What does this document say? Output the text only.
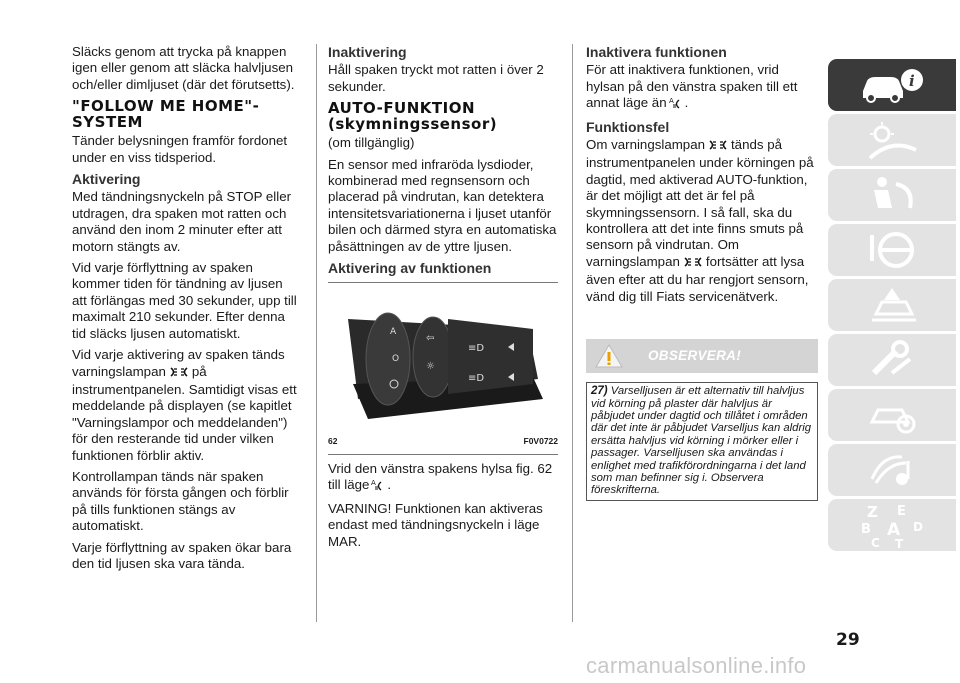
Släcks genom att trycka på knappen igen eller genom att släcka halvljusen och/eller dimljuset (där det förutsetts).

"FOLLOW ME HOME"-SYSTEM

Tänder belysningen framför fordonet under en viss tidsperiod.

Aktivering

Med tändningsnyckeln på STOP eller utdragen, dra spaken mot ratten och använd den inom 2 minuter efter att motorn stängts av.

Vid varje förflyttning av spaken kommer tiden för tändning av ljusen att förlängas med 30 sekunder, upp till maximalt 210 sekunder. Efter denna tid släcks ljusen automatiskt.

Vid varje aktivering av spaken tänds varningslampan på instrumentpanelen. Samtidigt visas ett meddelande på displayen (se kapitlet "Varningslampor och meddelanden") för den resterande tid under vilken funktionen förblir aktiv.

Kontrollampan tänds när spaken används för första gången och förblir på tills funktionen stängs av automatiskt.

Varje förflyttning av spaken ökar bara den tid ljusen ska vara tända.

Inaktivering

Håll spaken tryckt mot ratten i över 2 sekunder.

AUTO-FUNKTION
(skymningssensor)

(om tillgänglig)

En sensor med infraröda lysdioder, kombinerad med regnsensorn och placerad på vindrutan, kan detektera intensitetsvariationerna i ljuset utanför bilen och därmed styra en automatiska påsättningen av de yttre ljusen.

Aktivering av funktionen
A
O
⇦
☼
≡D
≡D
62	F0V0722

Vrid den vänstra spakens hylsa fig. 62 till läge A .

VARNING! Funktionen kan aktiveras endast med tändningsnyckeln i läge MAR.

Inaktivera funktionen

För att inaktivera funktionen, vrid hylsan på den vänstra spaken till ett annat läge än A .

Funktionsfel

Om varningslampan tänds på instrumentpanelen under körningen på dagtid, med aktiverad AUTO-funktion, är det möjligt att det är fel på skymningssensorn. I så fall, ska du kontrollera att det inte finns smuts på sensorn på vindrutan. Om varningslampan fortsätter att lysa även efter att du har rengjort sensorn, vänd dig till Fiats servicenätverk.

OBSERVERA!
27) Varselljusen är ett alternativ till halvljus vid körning på plaster där halvljus är påbjudet under dagtid och tillåtet i områden där det inte är påbjudet Varselljus kan aldrig ersätta halvljus vid körning i mörker eller i passager. Varselljusen ska användas i enlighet med trafikförordningarna i det land som man befinner sig i. Observera föreskrifterna.
i
Z E
B A D
C T
29
carmanualsonline.info
